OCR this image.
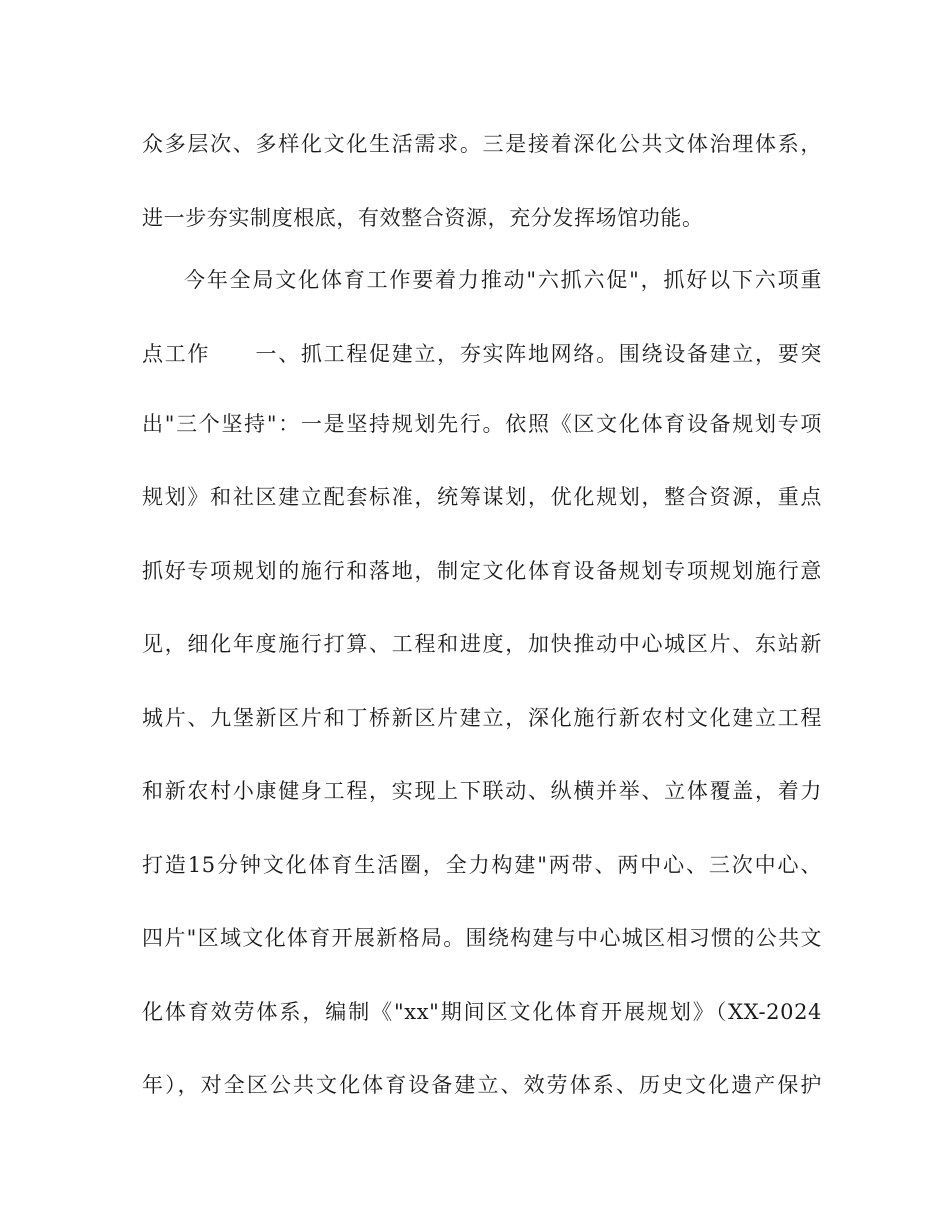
众多层次、多样化文化生活需求。三是接着深化公共文体治理体系，
进一步夯实制度根底，有效整合资源，充分发挥场馆功能。
今年全局文化体育工作要着力推动"六抓六促"，抓好以下六项重
点工作　　一、抓工程促建立，夯实阵地网络。围绕设备建立，要突
出"三个坚持"：一是坚持规划先行。依照《区文化体育设备规划专项
规划》和社区建立配套标准，统筹谋划，优化规划，整合资源，重点
抓好专项规划的施行和落地，制定文化体育设备规划专项规划施行意
见，细化年度施行打算、工程和进度，加快推动中心城区片、东站新
城片、九堡新区片和丁桥新区片建立，深化施行新农村文化建立工程
和新农村小康健身工程，实现上下联动、纵横并举、立体覆盖，着力
打造15分钟文化体育生活圈，全力构建"两带、两中心、三次中心、
四片"区域文化体育开展新格局。围绕构建与中心城区相习惯的公共文
化体育效劳体系，编制《"xx"期间区文化体育开展规划》（XX-2024
年），对全区公共文化体育设备建立、效劳体系、历史文化遗产保护
